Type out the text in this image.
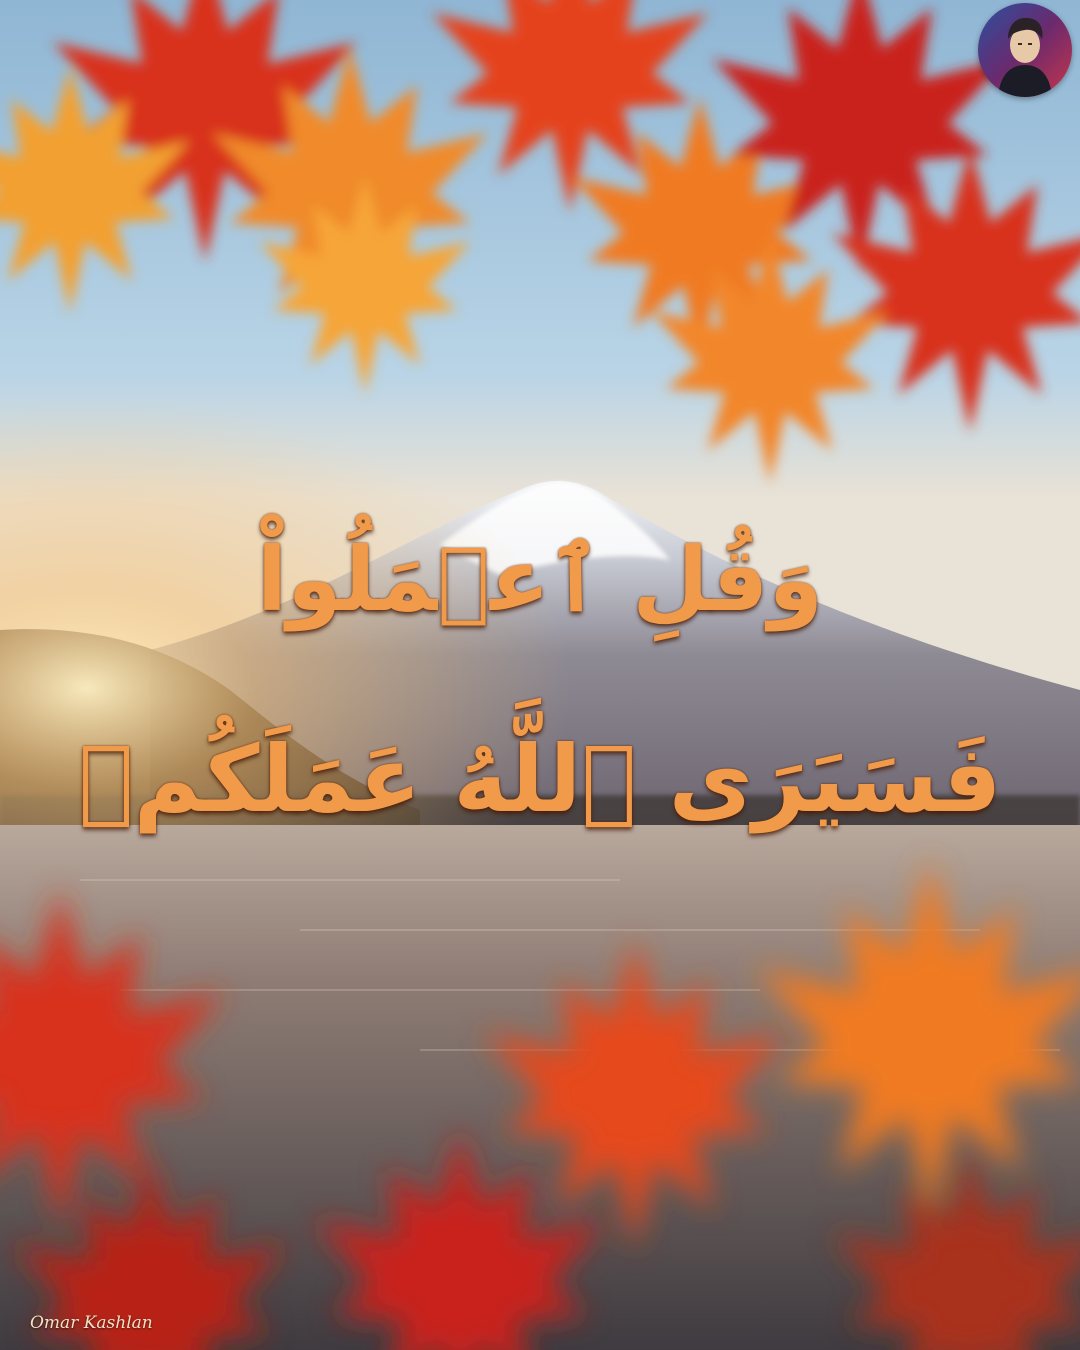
وَقُلِ ٱعۡمَلُواْ
فَسَيَرَى ٱللَّهُ عَمَلَكُمۡ
Omar Kashlan
